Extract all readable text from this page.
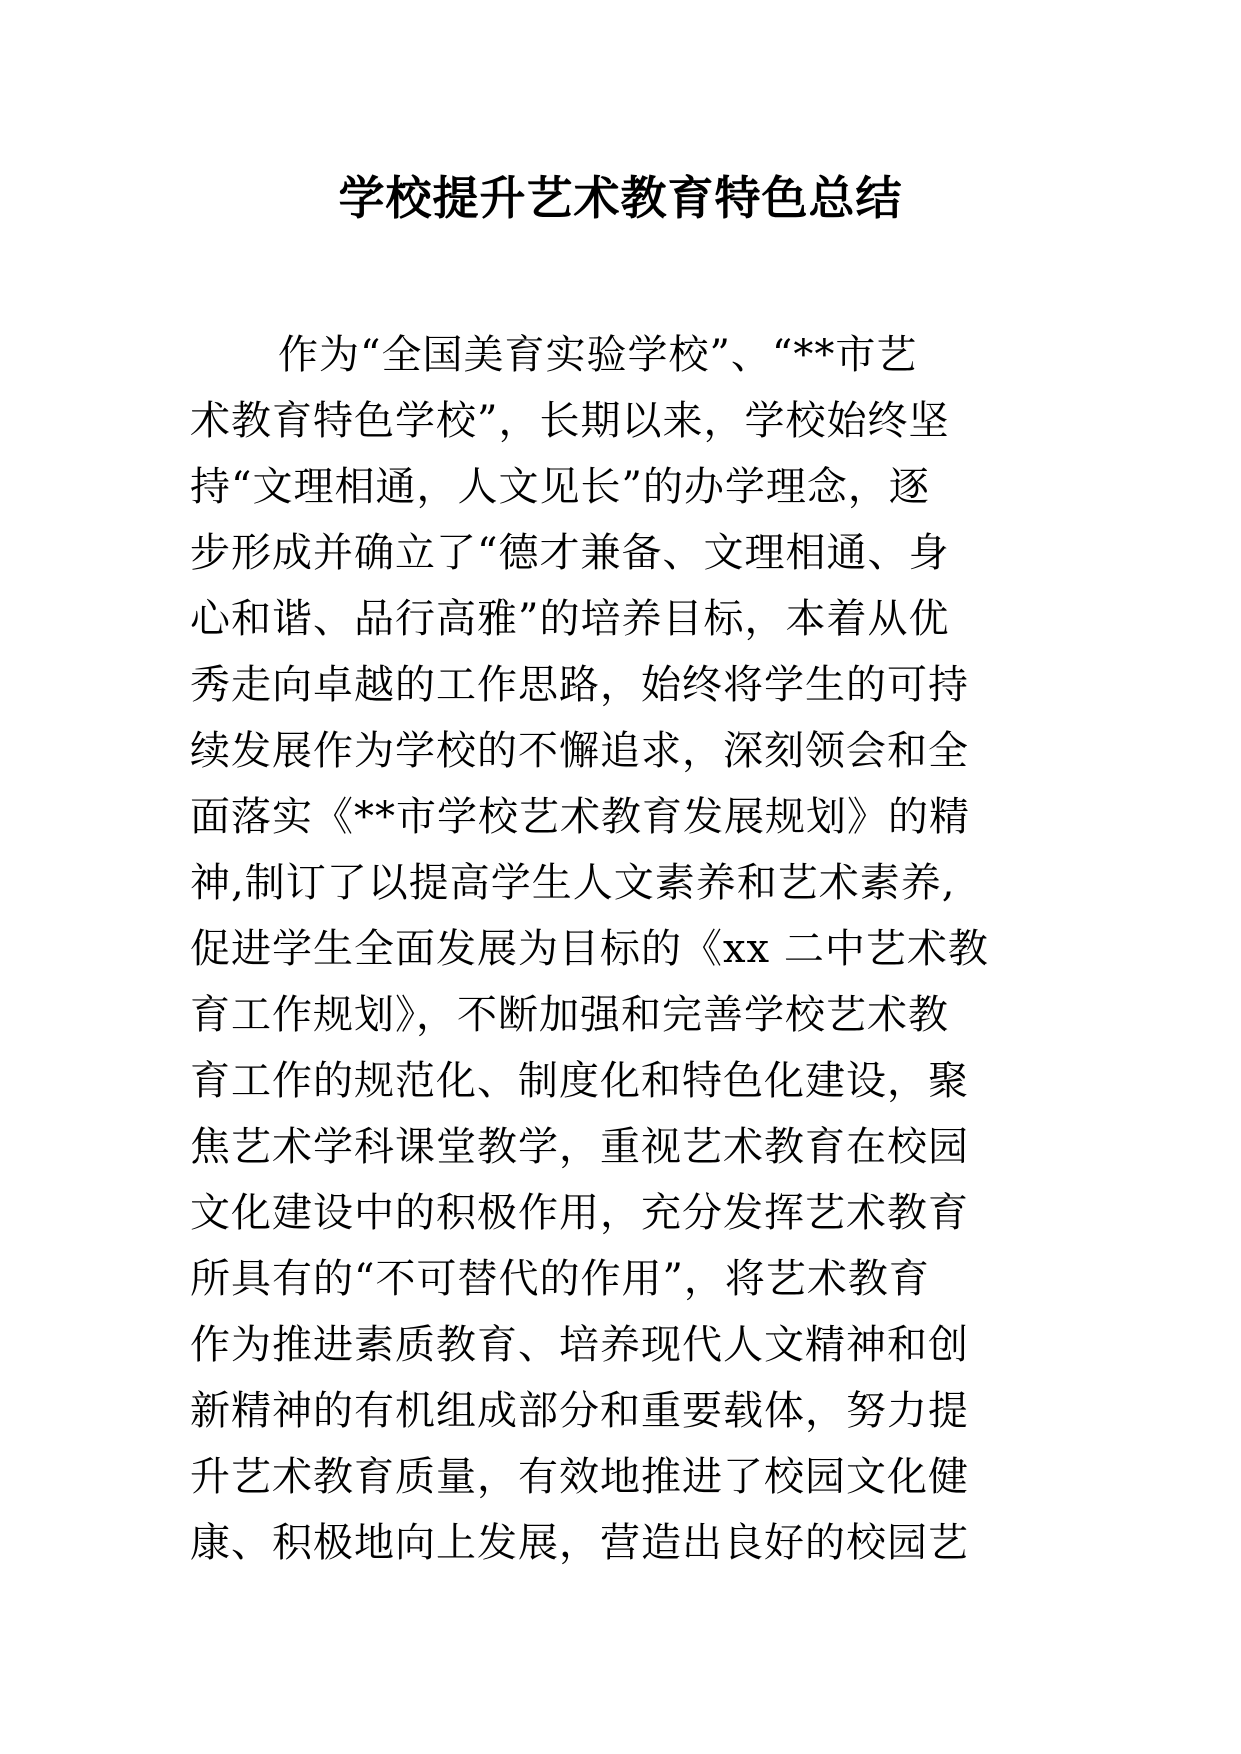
学校提升艺术教育特色总结
作为“全国美育实验学校”、“**市艺
术教育特色学校”，长期以来，学校始终坚
持“文理相通，人文见长”的办学理念，逐
步形成并确立了“德才兼备、文理相通、身
心和谐、品行高雅”的培养目标，本着从优
秀走向卓越的工作思路，始终将学生的可持
续发展作为学校的不懈追求，深刻领会和全
面落实《**市学校艺术教育发展规划》的精
神,制订了以提高学生人文素养和艺术素养,
促进学生全面发展为目标的《xx 二中艺术教
育工作规划》，不断加强和完善学校艺术教
育工作的规范化、制度化和特色化建设，聚
焦艺术学科课堂教学，重视艺术教育在校园
文化建设中的积极作用，充分发挥艺术教育
所具有的“不可替代的作用”，将艺术教育
作为推进素质教育、培养现代人文精神和创
新精神的有机组成部分和重要载体，努力提
升艺术教育质量，有效地推进了校园文化健
康、积极地向上发展，营造出良好的校园艺
